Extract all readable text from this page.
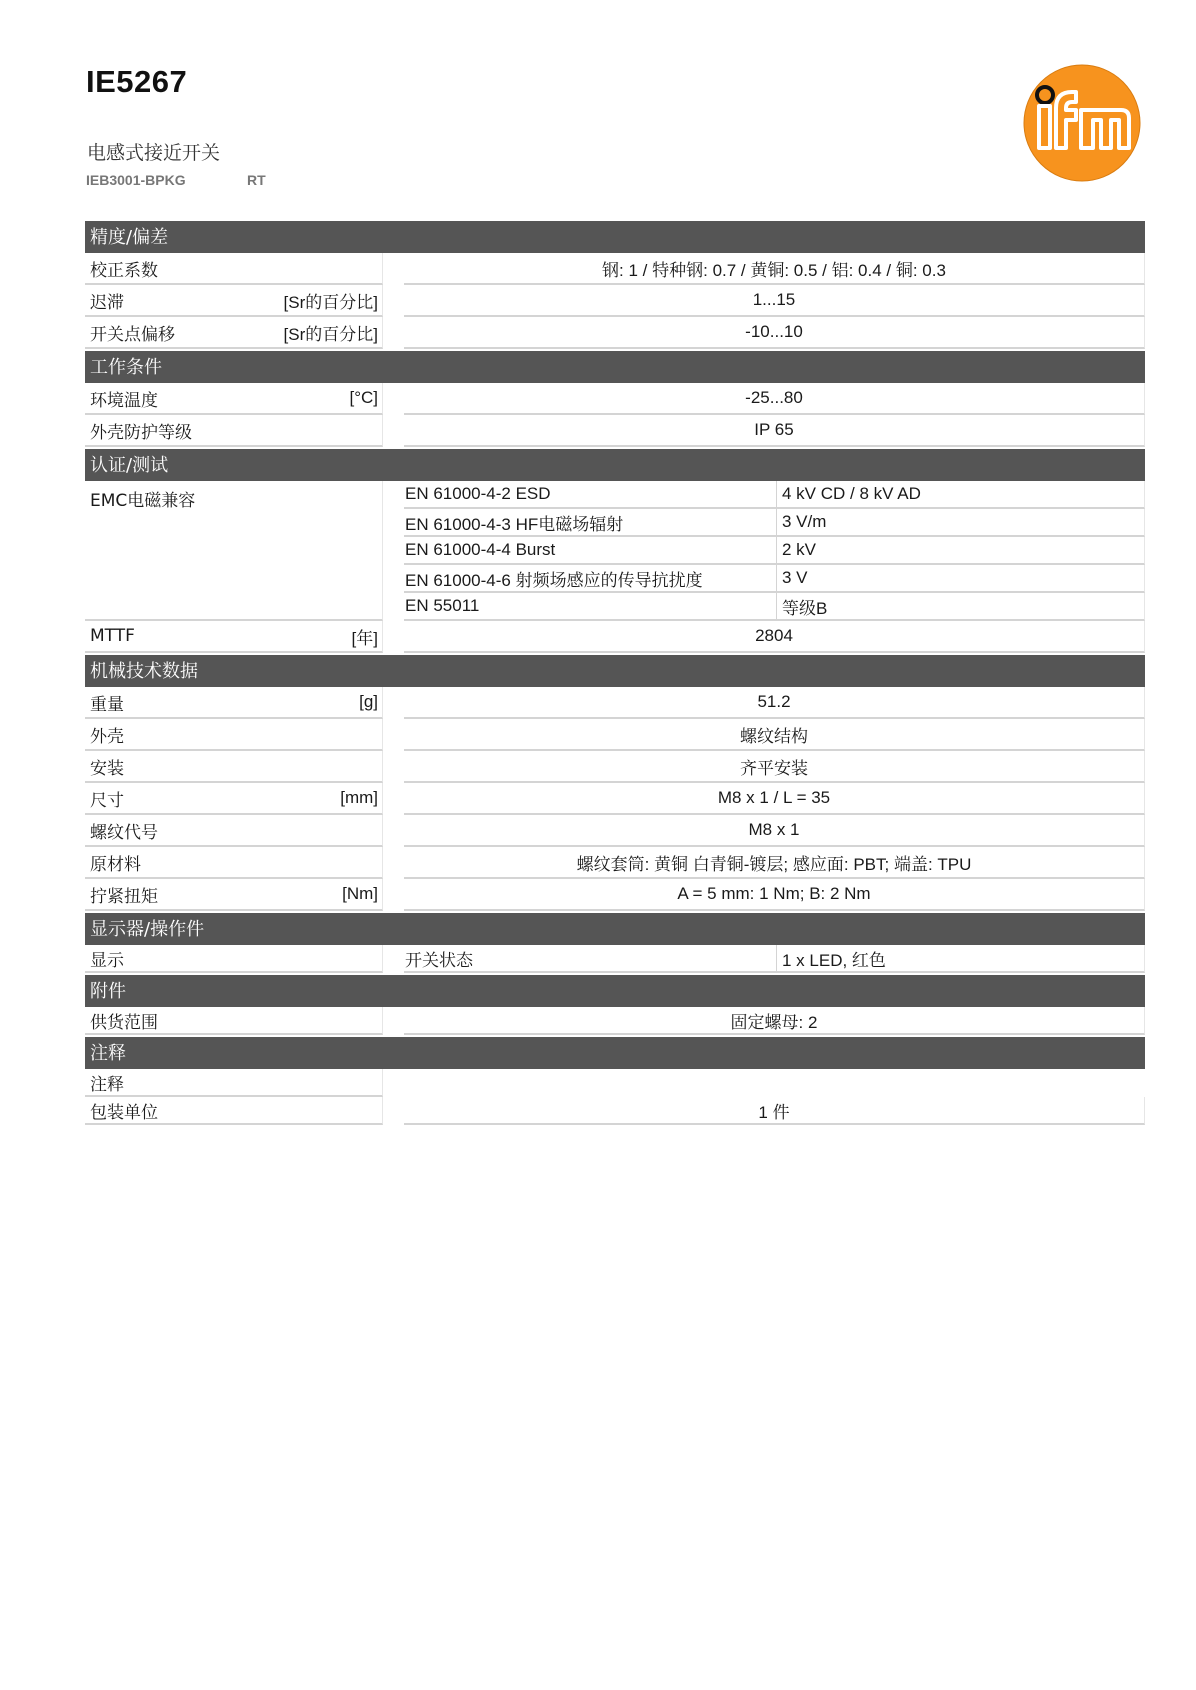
IE5267
电感式接近开关
IEB3001-BPKG	RT
精度/偏差
校正系数	钢: 1 / 特种钢: 0.7 / 黄铜: 0.5 / 铝: 0.4 / 铜: 0.3
迟滞	[Sr的百分比]	1...15
开关点偏移	[Sr的百分比]	-10...10
工作条件
环境温度	[°C]	-25...80
外壳防护等级	IP 65
认证/测试
EMC电磁兼容	EN 61000-4-2 ESD	4 kV CD / 8 kV AD
EN 61000-4-3 HF电磁场辐射	3 V/m
EN 61000-4-4 Burst	2 kV
EN 61000-4-6 射频场感应的传导抗扰度	3 V
EN 55011	等级B
MTTF	[年]	2804
机械技术数据
重量	[g]	51.2
外壳	螺纹结构
安装	齐平安装
尺寸	[mm]	M8 x 1 / L = 35
螺纹代号	M8 x 1
原材料	螺纹套筒: 黄铜 白青铜-镀层; 感应面: PBT; 端盖: TPU
拧紧扭矩	[Nm]	A = 5 mm: 1 Nm; B: 2 Nm
显示器/操作件
显示	开关状态	1 x LED, 红色
附件
供货范围	固定螺母: 2
注释
注释
包装单位	1 件
